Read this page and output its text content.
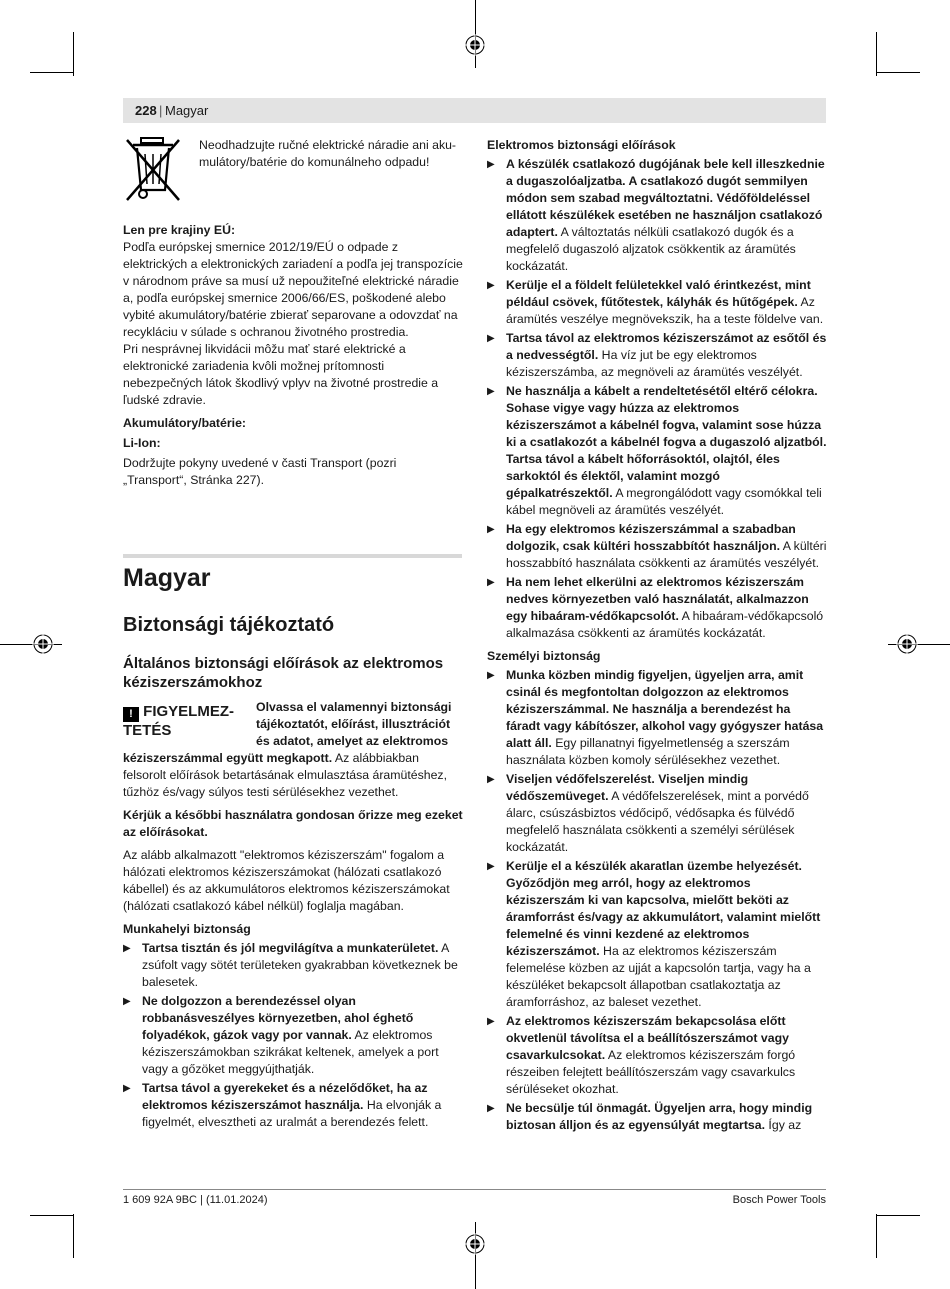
228 | Magyar
Neodhadzujte ručné elektrické náradie ani aku-mulátory/batérie do komunálneho odpadu!

Len pre krajiny EÚ:

Podľa európskej smernice 2012/19/EÚ o odpade z elektrických a elektronických zariadení a podľa jej transpozície v národnom práve sa musí už nepoužiteľné elektrické náradie a, podľa európskej smernice 2006/66/ES, poškodené alebo vybité akumulátory/batérie zbierať separovane a odovzdať na recykláciu v súlade s ochranou životného prostredia.

Pri nesprávnej likvidácii môžu mať staré elektrické a elektronické zariadenia kvôli možnej prítomnosti nebezpečných látok škodlivý vplyv na životné prostredie a ľudské zdravie.

Akumulátory/batérie:

Li-Ion:

Dodržujte pokyny uvedené v časti Transport (pozri „Transport“, Stránka 227).

Magyar
Biztonsági tájékoztató
Általános biztonsági előírások az elektromos kéziszerszámokhoz
! FIGYELMEZ-
TETÉS
Olvassa el valamennyi biztonsági tájékoztatót, előírást, illusztrációt és adatot, amelyet az elektromos

kéziszerszámmal együtt megkapott. Az alábbiakban felsorolt előírások betartásának elmulasztása áramütéshez, tűzhöz és/vagy súlyos testi sérülésekhez vezethet.

Kérjük a későbbi használatra gondosan őrizze meg ezeket az előírásokat.

Az alább alkalmazott "elektromos kéziszerszám" fogalom a hálózati elektromos kéziszerszámokat (hálózati csatlakozó kábellel) és az akkumulátoros elektromos kéziszerszámokat (hálózati csatlakozó kábel nélkül) foglalja magában.

Munkahelyi biztonság

▶ Tartsa tisztán és jól megvilágítva a munkaterületet. A zsúfolt vagy sötét területeken gyakrabban következnek be balesetek.

▶ Ne dolgozzon a berendezéssel olyan robbanásveszélyes környezetben, ahol éghető folyadékok, gázok vagy por vannak. Az elektromos kéziszerszámokban szikrákat keltenek, amelyek a port vagy a gőzöket meggyújthatják.

▶ Tartsa távol a gyerekeket és a nézelődőket, ha az elektromos kéziszerszámot használja. Ha elvonják a figyelmét, elvesztheti az uralmát a berendezés felett.

Elektromos biztonsági előírások

▶ A készülék csatlakozó dugójának bele kell illeszkednie a dugaszolóaljzatba. A csatlakozó dugót semmilyen módon sem szabad megváltoztatni. Védőföldeléssel ellátott készülékek esetében ne használjon csatlakozó adaptert. A változtatás nélküli csatlakozó dugók és a megfelelő dugaszoló aljzatok csökkentik az áramütés kockázatát.

▶ Kerülje el a földelt felületekkel való érintkezést, mint például csövek, fűtőtestek, kályhák és hűtőgépek. Az áramütés veszélye megnövekszik, ha a teste földelve van.

▶ Tartsa távol az elektromos kéziszerszámot az esőtől és a nedvességtől. Ha víz jut be egy elektromos kéziszerszámba, az megnöveli az áramütés veszélyét.

▶ Ne használja a kábelt a rendeltetésétől eltérő célokra. Sohase vigye vagy húzza az elektromos kéziszerszámot a kábelnél fogva, valamint sose húzza ki a csatlakozót a kábelnél fogva a dugaszoló aljzatból. Tartsa távol a kábelt hőforrásoktól, olajtól, éles sarkoktól és élektől, valamint mozgó gépalkatrészektől. A megrongálódott vagy csomókkal teli kábel megnöveli az áramütés veszélyét.

▶ Ha egy elektromos kéziszerszámmal a szabadban dolgozik, csak kültéri hosszabbítót használjon. A kültéri hosszabbító használata csökkenti az áramütés veszélyét.

▶ Ha nem lehet elkerülni az elektromos kéziszerszám nedves környezetben való használatát, alkalmazzon egy hibaáram-védőkapcsolót. A hibaáram-védőkapcsoló alkalmazása csökkenti az áramütés kockázatát.

Személyi biztonság

▶ Munka közben mindig figyeljen, ügyeljen arra, amit csinál és megfontoltan dolgozzon az elektromos kéziszerszámmal. Ne használja a berendezést ha fáradt vagy kábítószer, alkohol vagy gyógyszer hatása alatt áll. Egy pillanatnyi figyelmetlenség a szerszám használata közben komoly sérülésekhez vezethet.

▶ Viseljen védőfelszerelést. Viseljen mindig védőszemüveget. A védőfelszerelések, mint a porvédő álarc, csúszásbiztos védőcipő, védősapka és fülvédő megfelelő használata csökkenti a személyi sérülések kockázatát.

▶ Kerülje el a készülék akaratlan üzembe helyezését. Győződjön meg arról, hogy az elektromos kéziszerszám ki van kapcsolva, mielőtt beköti az áramforrást és/vagy az akkumulátort, valamint mielőtt felemelné és vinni kezdené az elektromos kéziszerszámot. Ha az elektromos kéziszerszám felemelése közben az ujját a kapcsolón tartja, vagy ha a készüléket bekapcsolt állapotban csatlakoztatja az áramforráshoz, az baleset vezethet.

▶ Az elektromos kéziszerszám bekapcsolása előtt okvetlenül távolítsa el a beállítószerszámot vagy csavarkulcsokat. Az elektromos kéziszerszám forgó részeiben felejtett beállítószerszám vagy csavarkulcs sérüléseket okozhat.

▶ Ne becsülje túl önmagát. Ügyeljen arra, hogy mindig biztosan álljon és az egyensúlyát megtartsa. Így az

1 609 92A 9BC | (11.01.2024)	Bosch Power Tools
